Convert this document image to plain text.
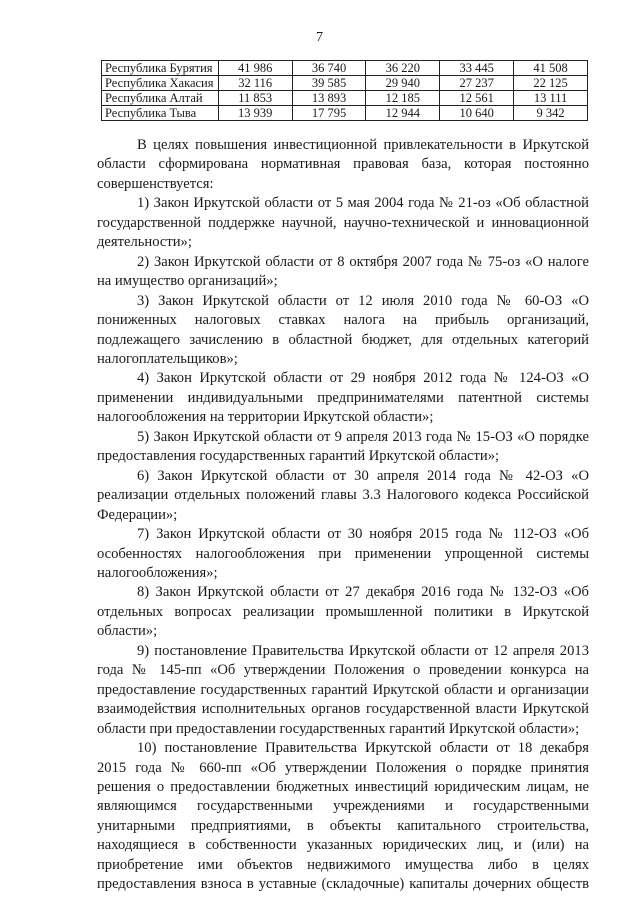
7
Республика Бурятия	41 986	36 740	36 220	33 445	41 508
Республика Хакасия	32 116	39 585	29 940	27 237	22 125
Республика Алтай	11 853	13 893	12 185	12 561	13 111
Республика Тыва	13 939	17 795	12 944	10 640	9 342

В целях повышения инвестиционной привлекательности в Иркутской области сформирована нормативная правовая база, которая постоянно совершенствуется:

1) Закон Иркутской области от 5 мая 2004 года № 21-оз «Об областной государственной поддержке научной, научно-технической и инновационной деятельности»;

2) Закон Иркутской области от 8 октября 2007 года № 75-оз «О налоге на имущество организаций»;

3) Закон Иркутской области от 12 июля 2010 года № 60-ОЗ «О пониженных налоговых ставках налога на прибыль организаций, подлежащего зачислению в областной бюджет, для отдельных категорий налогоплательщиков»;

4) Закон Иркутской области от 29 ноября 2012 года № 124-ОЗ «О применении индивидуальными предпринимателями патентной системы налогообложения на территории Иркутской области»;

5) Закон Иркутской области от 9 апреля 2013 года № 15-ОЗ «О порядке предоставления государственных гарантий Иркутской области»;

6) Закон Иркутской области от 30 апреля 2014 года № 42-ОЗ «О реализации отдельных положений главы 3.3 Налогового кодекса Российской Федерации»;

7) Закон Иркутской области от 30 ноября 2015 года № 112-ОЗ «Об особенностях налогообложения при применении упрощенной системы налогообложения»;

8) Закон Иркутской области от 27 декабря 2016 года № 132-ОЗ «Об отдельных вопросах реализации промышленной политики в Иркутской области»;

9) постановление Правительства Иркутской области от 12 апреля 2013 года № 145-пп «Об утверждении Положения о проведении конкурса на предоставление государственных гарантий Иркутской области и организации взаимодействия исполнительных органов государственной власти Иркутской области при предоставлении государственных гарантий Иркутской области»;

10) постановление Правительства Иркутской области от 18 декабря 2015 года № 660-пп «Об утверждении Положения о порядке принятия решения о предоставлении бюджетных инвестиций юридическим лицам, не являющимся государственными учреждениями и государственными унитарными предприятиями, в объекты капитального строительства, находящиеся в собственности указанных юридических лиц, и (или) на приобретение ими объектов недвижимого имущества либо в целях предоставления взноса в уставные (складочные) капиталы дочерних обществ
